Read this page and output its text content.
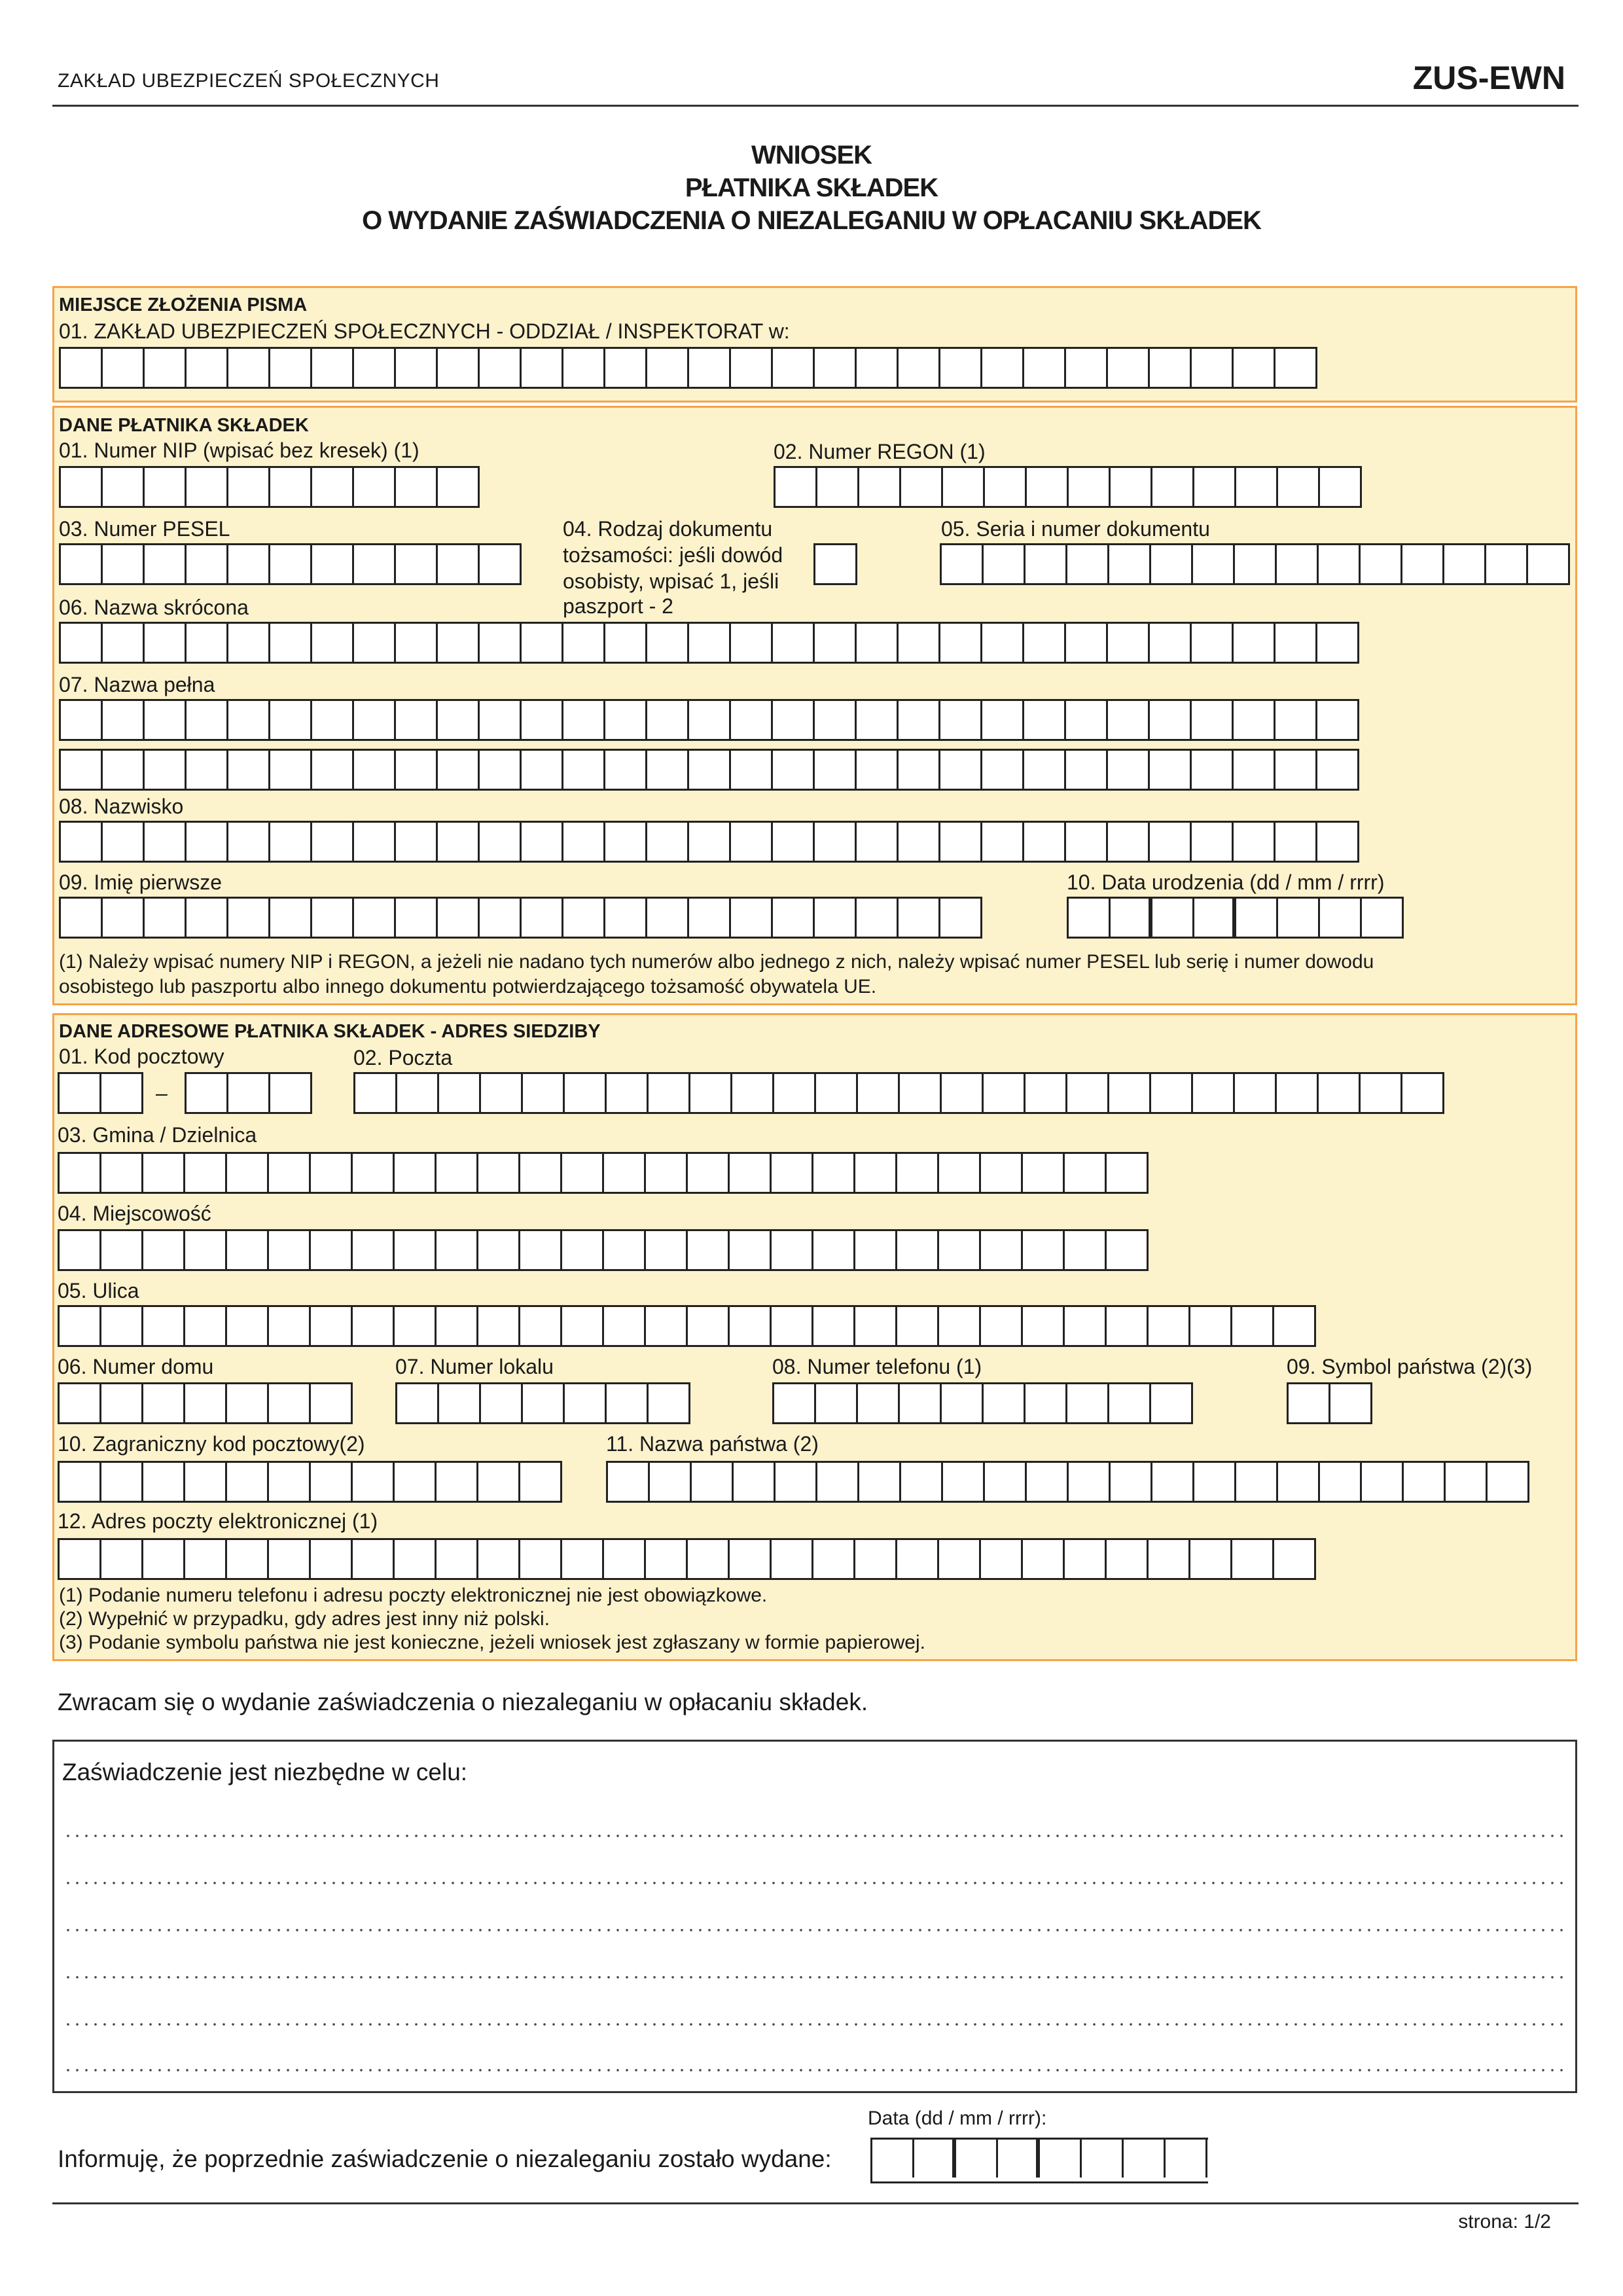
ZAKŁAD UBEZPIECZEŃ SPOŁECZNYCH	ZUS-EWN
WNIOSEK
PŁATNIKA SKŁADEK
O WYDANIE ZAŚWIADCZENIA O NIEZALEGANIU W OPŁACANIU SKŁADEK
MIEJSCE ZŁOŻENIA PISMA
01. ZAKŁAD UBEZPIECZEŃ SPOŁECZNYCH - ODDZIAŁ / INSPEKTORAT w:
DANE PŁATNIKA SKŁADEK
01. Numer NIP (wpisać bez kresek) (1)	02. Numer REGON (1)
03. Numer PESEL	04. Rodzaj dokumentu
tożsamości: jeśli dowód
osobisty, wpisać 1, jeśli
paszport - 2
05. Seria i numer dokumentu
06. Nazwa skrócona
07. Nazwa pełna
08. Nazwisko
09. Imię pierwsze	10. Data urodzenia (dd / mm / rrrr)
(1) Należy wpisać numery NIP i REGON, a jeżeli nie nadano tych numerów albo jednego z nich, należy wpisać numer PESEL lub serię i numer dowodu
osobistego lub paszportu albo innego dokumentu potwierdzającego tożsamość obywatela UE.
DANE ADRESOWE PŁATNIKA SKŁADEK - ADRES SIEDZIBY
01. Kod pocztowy
–
02. Poczta
03. Gmina / Dzielnica
04. Miejscowość
05. Ulica
06. Numer domu	07. Numer lokalu	08. Numer telefonu (1)	09. Symbol państwa (2)(3)
10. Zagraniczny kod pocztowy(2)	11. Nazwa państwa (2)
12. Adres poczty elektronicznej (1)
(1) Podanie numeru telefonu i adresu poczty elektronicznej nie jest obowiązkowe.
(2) Wypełnić w przypadku, gdy adres jest inny niż polski.
(3) Podanie symbolu państwa nie jest konieczne, jeżeli wniosek jest zgłaszany w formie papierowej.
Zwracam się o wydanie zaświadczenia o niezaleganiu w opłacaniu składek.
Zaświadczenie jest niezbędne w celu:
Data (dd / mm / rrrr):
Informuję, że poprzednie zaświadczenie o niezaleganiu zostało wydane:
strona: 1/2
